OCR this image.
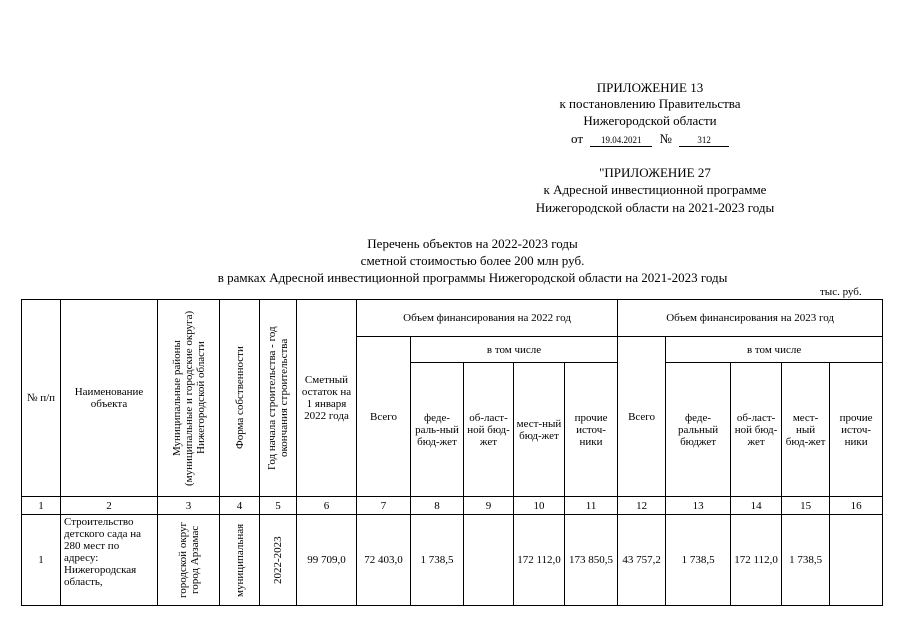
ПРИЛОЖЕНИЕ 13
к постановлению Правительства
Нижегородской области
от 19.04.2021 №	312
"ПРИЛОЖЕНИЕ 27
к Адресной инвестиционной программе
Нижегородской области на 2021-2023 годы
Перечень объектов на 2022-2023 годы
сметной стоимостью более 200 млн руб.
в рамках Адресной инвестиционной программы Нижегородской области на 2021-2023 годы
тыс. руб.
№ п/п	Наименование объекта	Муниципальные районы (муниципальные и городские округа) Нижегородской области	Форма собственности	Год начала строительства - год окончания строительства	Сметный остаток на 1 января 2022 года	Объем финансирования на 2022 год					Объем финансирования на 2023 год				
						Всего	в том числе				Всего	в том числе			
							феде-раль-ный бюд-жет	об-ласт-ной бюд-жет	мест-ный бюд-жет	прочие источ-ники		феде-ральный бюджет	об-ласт-ной бюд-жет	мест-ный бюд-жет	прочие источ-ники
1	2	3	4	5	6	7	8	9	10	11	12	13	14	15	16
1	Строительство детского сада на 280 мест по адресу: Нижегородская область,	городской округ город Арзамас	муниципальная	2022-2023	99 709,0	72 403,0	1 738,5		172 112,0	173 850,5	43 757,2	1 738,5	172 112,0	1 738,5	
